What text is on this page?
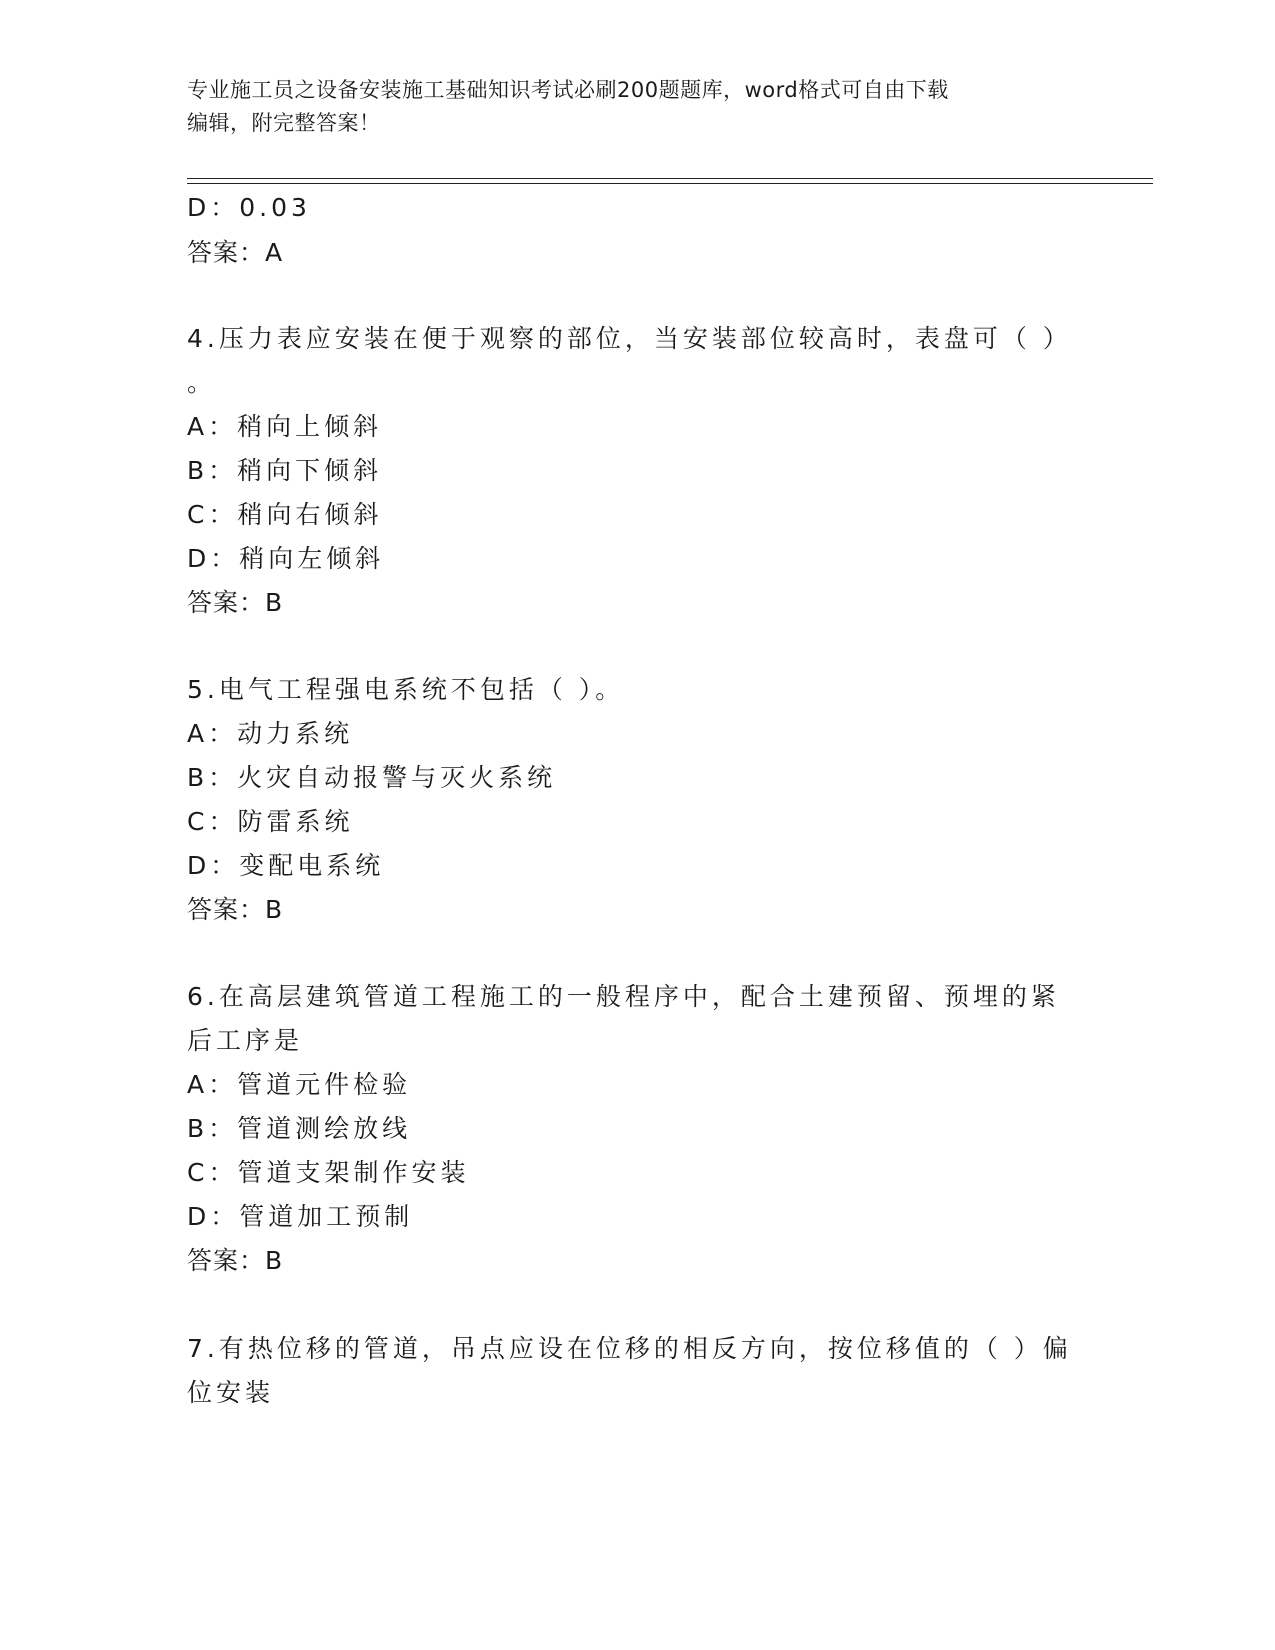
专业施工员之设备安装施工基础知识考试必刷200题题库，word格式可自由下载
编辑，附完整答案！
D：0.03
答案：A
4.压力表应安装在便于观察的部位，当安装部位较高时，表盘可（ ）
。
A：稍向上倾斜
B：稍向下倾斜
C：稍向右倾斜
D：稍向左倾斜
答案：B
5.电气工程强电系统不包括（ ）。
A：动力系统
B：火灾自动报警与灭火系统
C：防雷系统
D：变配电系统
答案：B
6.在高层建筑管道工程施工的一般程序中，配合土建预留、预埋的紧
后工序是
A：管道元件检验
B：管道测绘放线
C：管道支架制作安装
D：管道加工预制
答案：B
7.有热位移的管道，吊点应设在位移的相反方向，按位移值的（ ）偏
位安装
